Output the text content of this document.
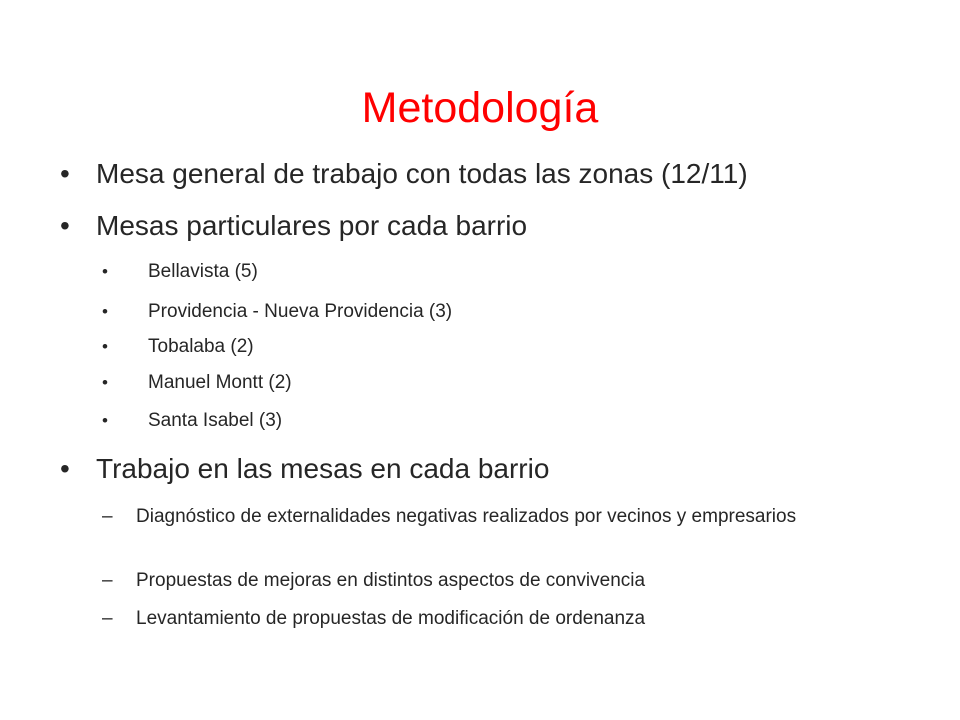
Metodología
• Mesa general de trabajo con todas las zonas (12/11)
• Mesas particulares por cada barrio
• Bellavista (5)
• Providencia - Nueva Providencia (3)
• Tobalaba (2)
• Manuel Montt (2)
• Santa Isabel (3)
• Trabajo en las mesas en cada barrio
– Diagnóstico de externalidades negativas realizados por vecinos y empresarios
– Propuestas de mejoras en distintos aspectos de convivencia
– Levantamiento de propuestas de modificación de ordenanza
